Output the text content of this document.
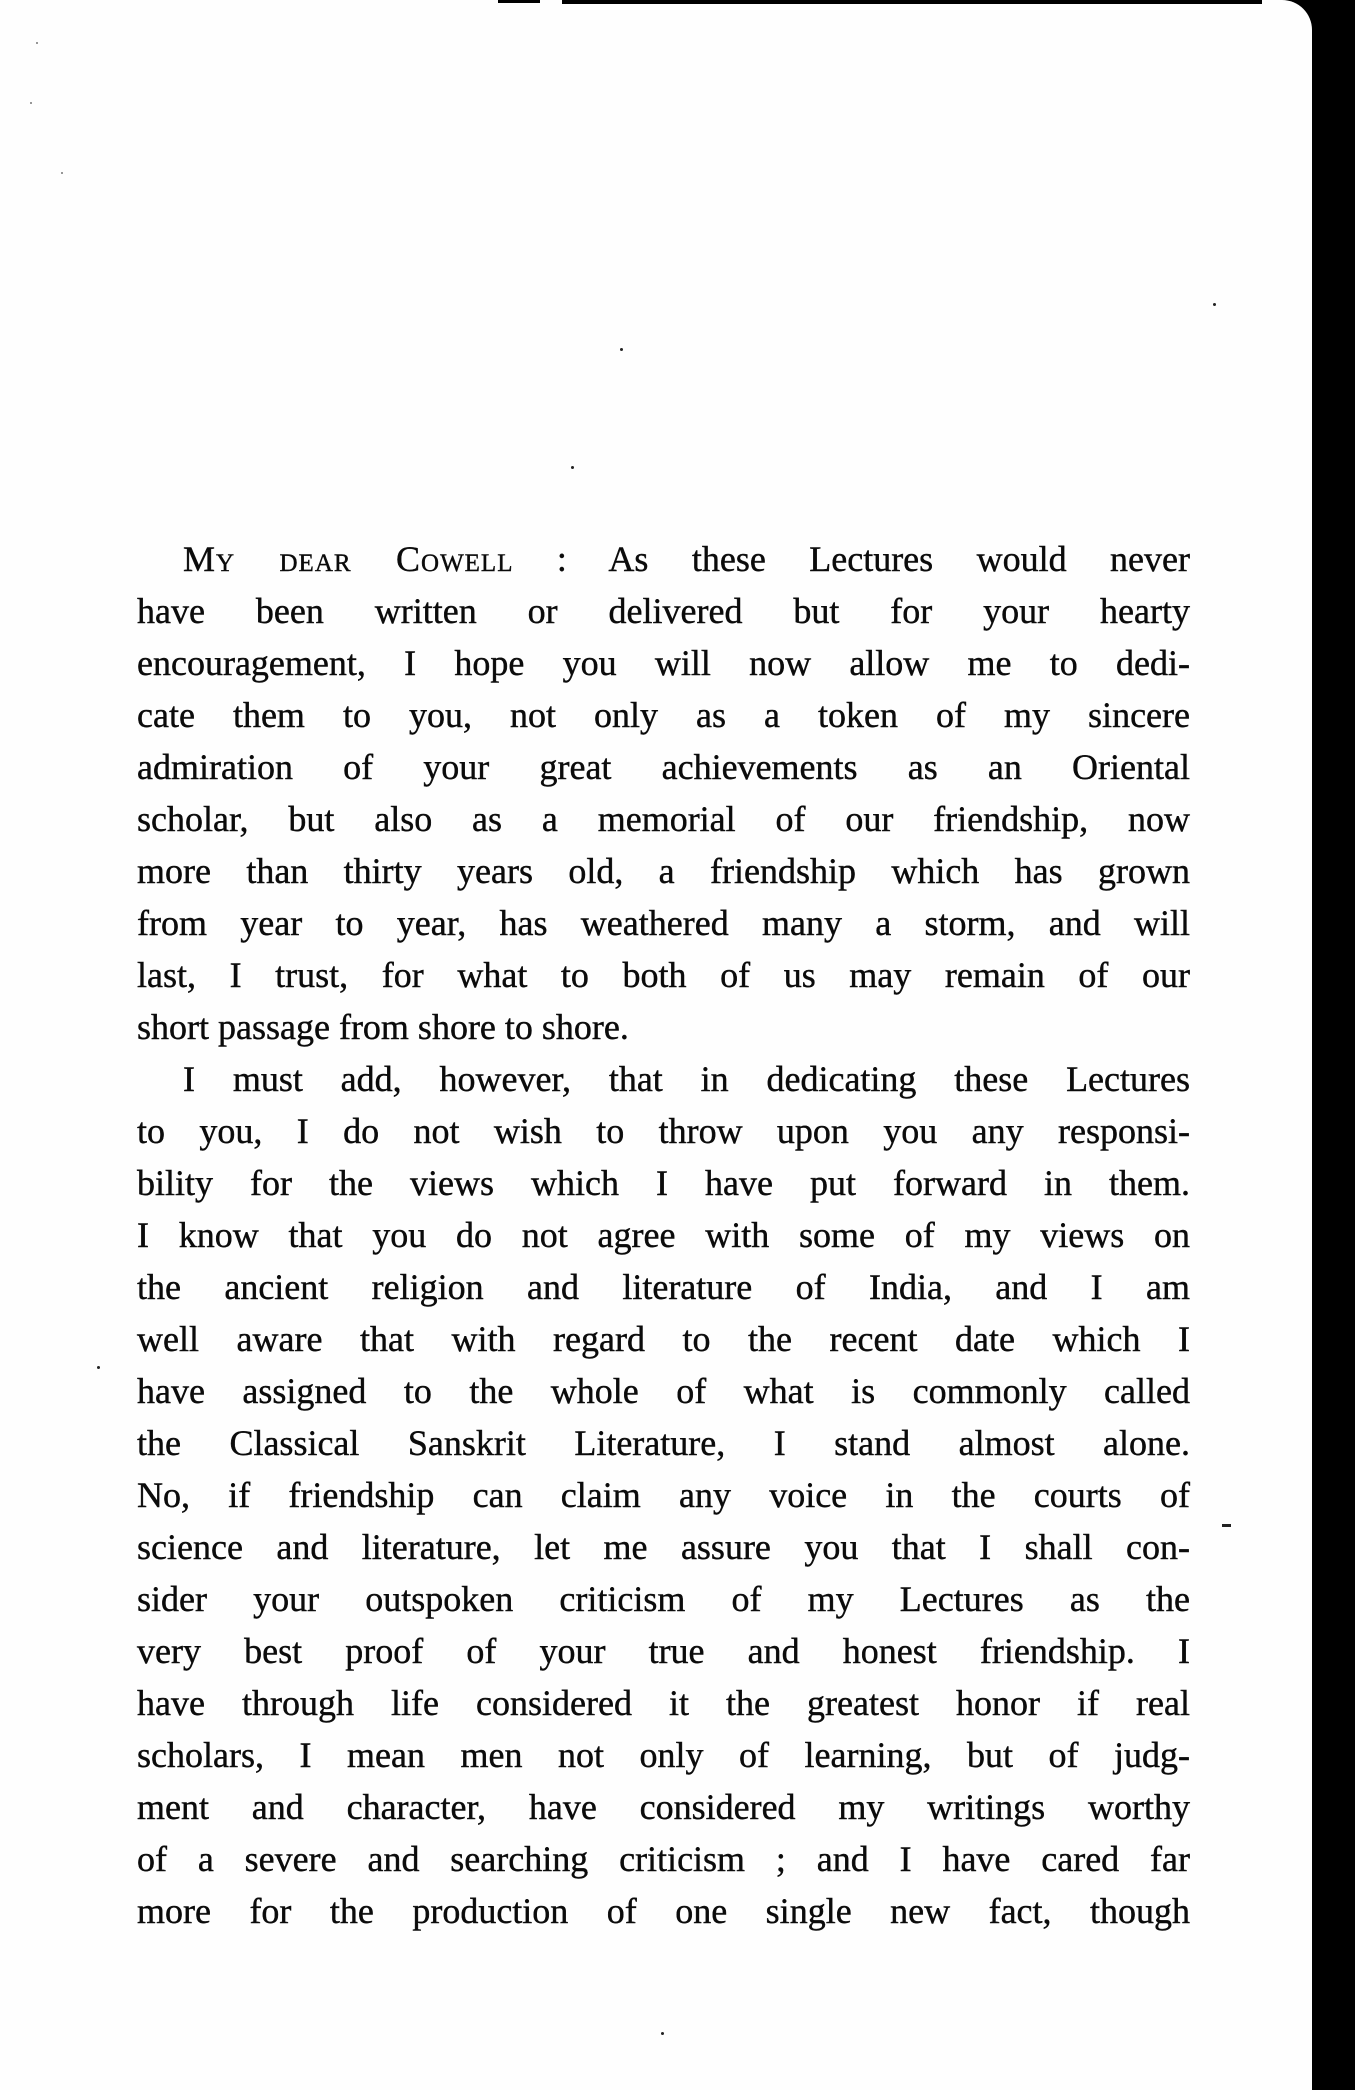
My dear Cowell : As these Lectures would never
have been written or delivered but for your hearty
encouragement, I hope you will now allow me to dedi-
cate them to you, not only as a token of my sincere
admiration of your great achievements as an Oriental
scholar, but also as a memorial of our friendship, now
more than thirty years old, a friendship which has grown
from year to year, has weathered many a storm, and will
last, I trust, for what to both of us may remain of our
short passage from shore to shore.
I must add, however, that in dedicating these Lectures
to you, I do not wish to throw upon you any responsi-
bility for the views which I have put forward in them.
I know that you do not agree with some of my views on
the ancient religion and literature of India, and I am
well aware that with regard to the recent date which I
have assigned to the whole of what is commonly called
the Classical Sanskrit Literature, I stand almost alone.
No, if friendship can claim any voice in the courts of
science and literature, let me assure you that I shall con-
sider your outspoken criticism of my Lectures as the
very best proof of your true and honest friendship. I
have through life considered it the greatest honor if real
scholars, I mean men not only of learning, but of judg-
ment and character, have considered my writings worthy
of a severe and searching criticism ; and I have cared far
more for the production of one single new fact, though
